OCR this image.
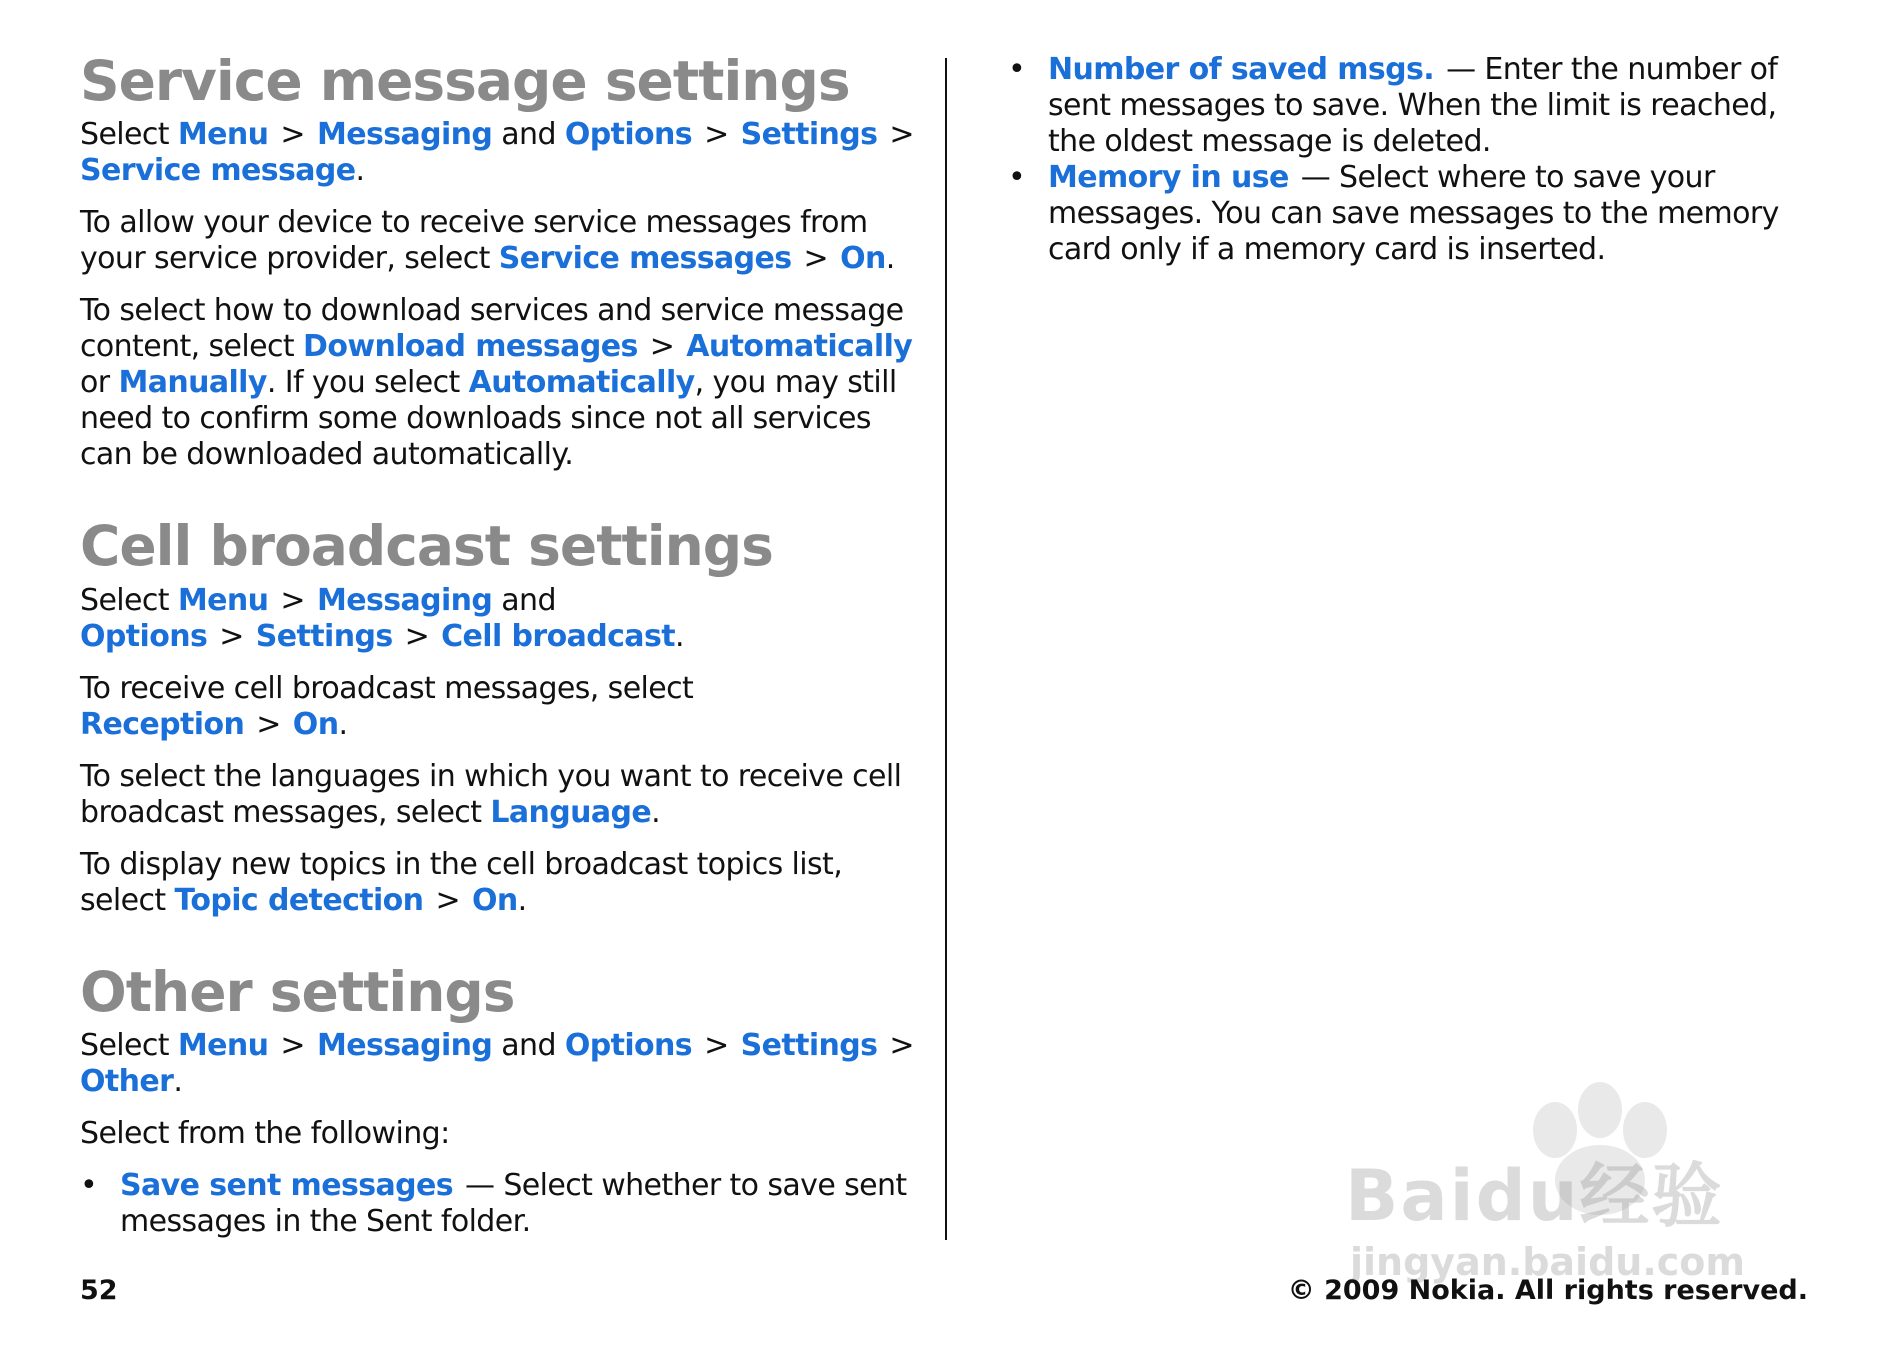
Service message settings

Select Menu > Messaging and Options > Settings >
Service message.

To allow your device to receive service messages from your service provider, select Service messages > On.

To select how to download services and service message content, select Download messages > Automatically or Manually. If you select Automatically, you may still need to confirm some downloads since not all services can be downloaded automatically.

Cell broadcast settings

Select Menu > Messaging and Options > Settings > Cell broadcast.

To receive cell broadcast messages, select Reception > On.

To select the languages in which you want to receive cell broadcast messages, select Language.

To display new topics in the cell broadcast topics list, select Topic detection > On.

Other settings

Select Menu > Messaging and Options > Settings >
Other.

Select from the following:

• Save sent messages — Select whether to save sent messages in the Sent folder.
• Number of saved msgs. — Enter the number of sent messages to save. When the limit is reached, the oldest message is deleted.
• Memory in use — Select where to save your messages. You can save messages to the memory card only if a memory card is inserted.
Baidu经验
jingyan.baidu.com
52	© 2009 Nokia. All rights reserved.
